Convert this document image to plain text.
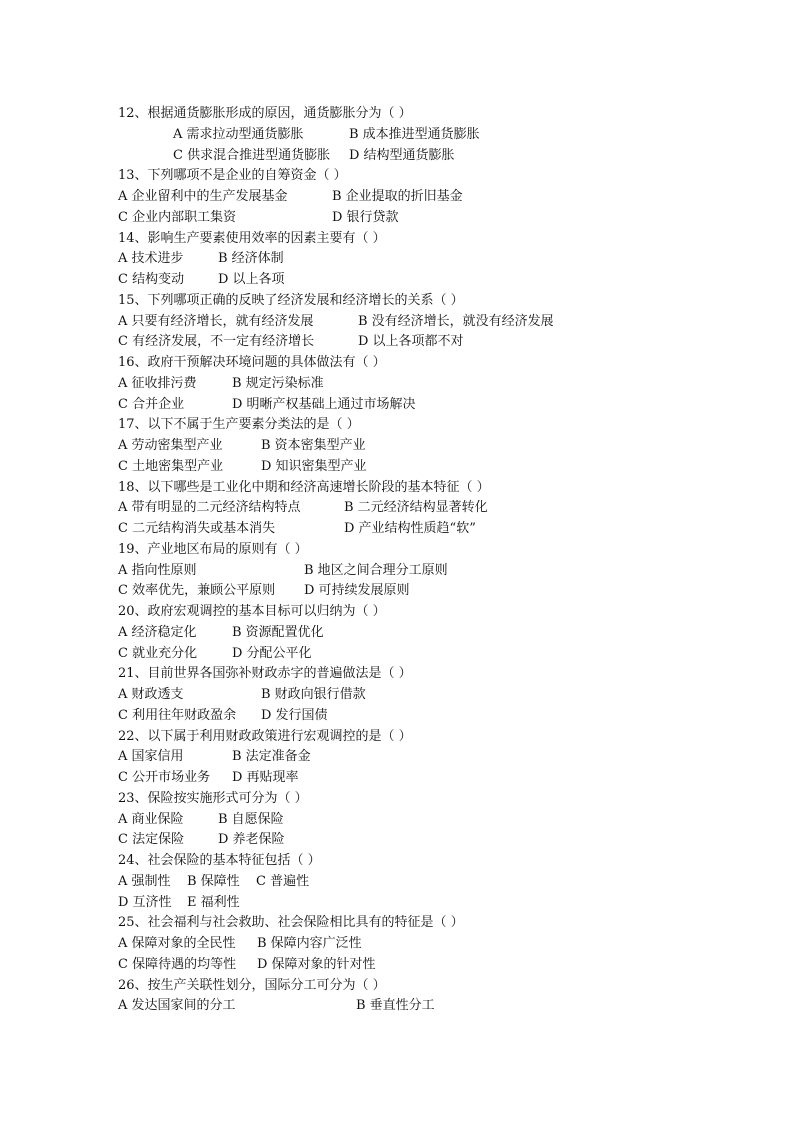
12、根据通货膨胀形成的原因，通货膨胀分为（ ）
A 需求拉动型通货膨胀	B 成本推进型通货膨胀
C 供求混合推进型通货膨胀 D 结构型通货膨胀
13、下列哪项不是企业的自筹资金（ ）
A 企业留利中的生产发展基金	B 企业提取的折旧基金
C 企业内部职工集资	D 银行贷款
14、影响生产要素使用效率的因素主要有（ ）
A 技术进步	B 经济体制
C 结构变动	D 以上各项
15、下列哪项正确的反映了经济发展和经济增长的关系（ ）
A 只要有经济增长，就有经济发展	B 没有经济增长，就没有经济发展
C 有经济发展，不一定有经济增长	D 以上各项都不对
16、政府干预解决环境问题的具体做法有（ ）
A 征收排污费	B 规定污染标准
C 合并企业	D 明晰产权基础上通过市场解决
17、以下不属于生产要素分类法的是（ ）
A 劳动密集型产业	B 资本密集型产业
C 土地密集型产业	D 知识密集型产业
18、以下哪些是工业化中期和经济高速增长阶段的基本特征（ ）
A 带有明显的二元经济结构特点	B 二元经济结构显著转化
C 二元结构消失或基本消失	D 产业结构性质趋“软”
19、产业地区布局的原则有（ ）
A 指向性原则	B 地区之间合理分工原则
C 效率优先，兼顾公平原则 D 可持续发展原则
20、政府宏观调控的基本目标可以归纳为（ ）
A 经济稳定化	B 资源配置优化
C 就业充分化	D 分配公平化
21、目前世界各国弥补财政赤字的普遍做法是（ ）
A 财政透支	B 财政向银行借款
C 利用往年财政盈余 D 发行国债
22、以下属于利用财政政策进行宏观调控的是（ ）
A 国家信用	B 法定准备金
C 公开市场业务 D 再贴现率
23、保险按实施形式可分为（ ）
A 商业保险	B 自愿保险
C 法定保险	D 养老保险
24、社会保险的基本特征包括（ ）
A 强制性 B 保障性 C 普遍性
D 互济性 E 福利性
25、社会福利与社会救助、社会保险相比具有的特征是（ ）
A 保障对象的全民性 B 保障内容广泛性
C 保障待遇的均等性 D 保障对象的针对性
26、按生产关联性划分，国际分工可分为（ ）
A 发达国家间的分工	B 垂直性分工
